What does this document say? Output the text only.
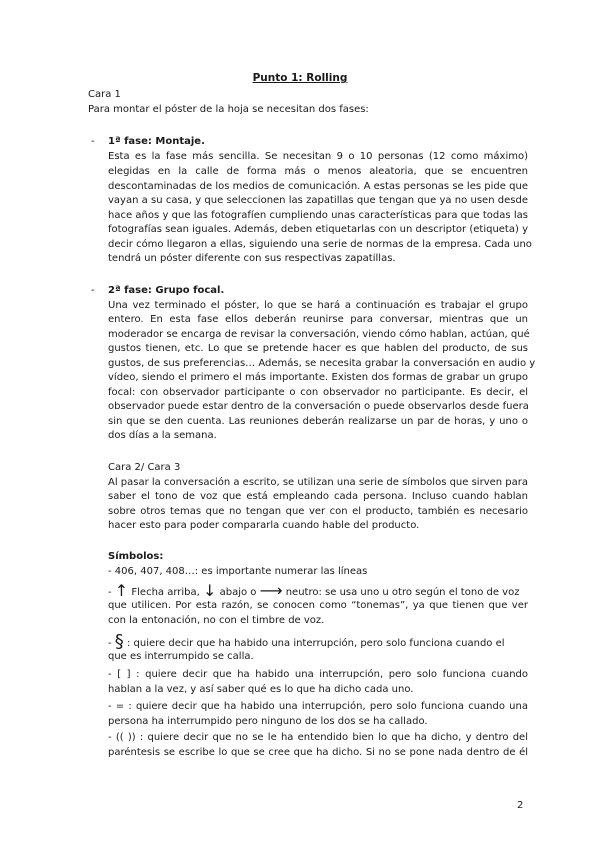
Punto 1: Rolling
Cara 1
Para montar el póster de la hoja se necesitan dos fases:
- 1ª fase: Montaje.
Esta es la fase más sencilla. Se necesitan 9 o 10 personas (12 como máximo)
elegidas en la calle de forma más o menos aleatoria, que se encuentren
descontaminadas de los medios de comunicación. A estas personas se les pide que
vayan a su casa, y que seleccionen las zapatillas que tengan que ya no usen desde
hace años y que las fotografíen cumpliendo unas características para que todas las
fotografías sean iguales. Además, deben etiquetarlas con un descriptor (etiqueta) y
decir cómo llegaron a ellas, siguiendo una serie de normas de la empresa. Cada uno
tendrá un póster diferente con sus respectivas zapatillas.
- 2ª fase: Grupo focal.
Una vez terminado el póster, lo que se hará a continuación es trabajar el grupo
entero. En esta fase ellos deberán reunirse para conversar, mientras que un
moderador se encarga de revisar la conversación, viendo cómo hablan, actúan, qué
gustos tienen, etc. Lo que se pretende hacer es que hablen del producto, de sus
gustos, de sus preferencias… Además, se necesita grabar la conversación en audio y
vídeo, siendo el primero el más importante. Existen dos formas de grabar un grupo
focal: con observador participante o con observador no participante. Es decir, el
observador puede estar dentro de la conversación o puede observarlos desde fuera
sin que se den cuenta. Las reuniones deberán realizarse un par de horas, y uno o
dos días a la semana.
Cara 2/ Cara 3
Al pasar la conversación a escrito, se utilizan una serie de símbolos que sirven para
saber el tono de voz que está empleando cada persona. Incluso cuando hablan
sobre otros temas que no tengan que ver con el producto, también es necesario
hacer esto para poder compararla cuando hable del producto.
Símbolos:
- 406, 407, 408…: es importante numerar las líneas
- ↑ Flecha arriba, ↓ abajo o ⟶ neutro: se usa uno u otro según el tono de voz
que utilicen. Por esta razón, se conocen como “tonemas”, ya que tienen que ver
con la entonación, no con el timbre de voz.
- § : quiere decir que ha habido una interrupción, pero solo funciona cuando el
que es interrumpido se calla.
- [ ] : quiere decir que ha habido una interrupción, pero solo funciona cuando
hablan a la vez, y así saber qué es lo que ha dicho cada uno.
- = : quiere decir que ha habido una interrupción, pero solo funciona cuando una
persona ha interrumpido pero ninguno de los dos se ha callado.
- (( )) : quiere decir que no se le ha entendido bien lo que ha dicho, y dentro del
paréntesis se escribe lo que se cree que ha dicho. Si no se pone nada dentro de él
2
